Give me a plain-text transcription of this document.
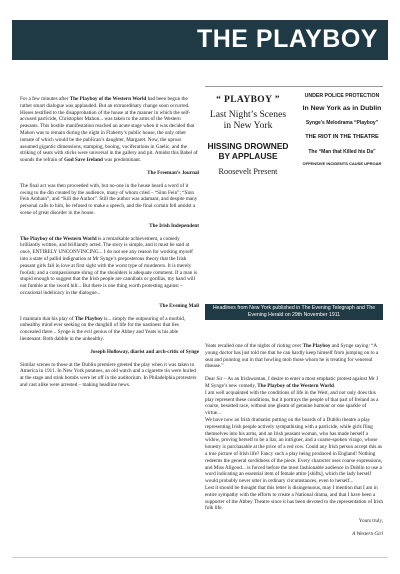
THE PLAYBOY

For a few minutes after The Playboy of the Western World had been begun the rather smart dialogue was applauded. But an extraordinary change soon occurred. Hisses testified to the disapprobation of the house at the manner in which the self-accused parricide, Christopher Mahon... was taken to the arms of the Western peasants. This hostile manifestation reached an acute stage when it was decided that Mahon was to remain during the night in Flaherty’s public house, the only other inmate of which would be the publican’s daughter, Margaret. Now, the uproar assumed gigantic dimensions, stamping, booing, vociferations in Gaelic, and the striking of seats with sticks were universal in the gallery and pit. Amidst this Babel of sounds the refrain of God Save Ireland was predominant.

The Freeman’s Journal

The final act was then proceeded with, but no-one in the house heard a word of it owing to the din created by the audience, many of whom cried – “Sinn Fein”; “Sinn Fein Amhain”; and “Kill the Author”. Still the author was adamant, and despite many personal calls to him, he refused to make a speech, and the final curtain fell amidst a scene of great disorder in the house.

The Irish Independent

The Playboy of the Western World is a remarkable achievement, a comedy brilliantly written, and brilliantly acted. The story is simple, and it must be said at once, ENTIRELY UNCONVINCING... I do not see any reason for working myself into a state of pallid indignation at Mr Synge’s preposterous theory that the Irish peasant girls fall in love at first sight with the worst type of murderers. It is merely foolish; and a compassionate shrug of the shoulders is adequate comment. If a man is stupid enough to suggest that the Irish people are cannibals or gorillas, my hand will not fumble at the sword hilt... But there is one thing worth protesting against – occasional indelicacy in the dialogue...

The Evening Mail

I maintain that his play of The Playboy is... simply the outpouring of a morbid, unhealthy mind ever seeking on the dunghill of life for the nastiness that lies concealed there... Synge is the evil genius of the Abbey and Yeats is his able lieutenant. Both dabble in the unhealthy.

Joseph Holloway, diarist and arch-critic of Synge

Similar scenes to those at the Dublin premiere greeted the play when it was taken to America in 1911. In New York potatoes, an old watch and a cigarette tin were hurled at the stage and stink bombs were let off in the auditorium. In Philadelphia protesters and cast alike were arrested – making headline news.

“ PLAYBOY ”
Last Night’s Scenes in New York
HISSING DROWNED BY APPLAUSE
Roosevelt Present
UNDER POLICE PROTECTION
In New York as in Dublin
Synge’s Melodrama “Playboy”
THE RIOT IN THE THEATRE
The “Man that Killed his Da”
OFFENSIVE INCIDENTS CAUSE UPROAR
Headlines from New York published in The Evening Telegraph and The Evening Herald on 29th November 1911

Yeats recalled one of the nights of rioting over The Playboy and Synge saying: “A young doctor has just told me that he can hardly keep himself from jumping on to a seat and pointing out in that howling mob those whom he is treating for venereal disease.”

Dear Sir – As an Irishwoman, I desire to enter a most emphatic protest against Mr J M Synge’s new comedy, The Playboy of the Western World.

I am well acquainted with the conditions of life in the West, and not only does this play represent these conditions, but it portrays the people of that part of Ireland as a coarse, besotted race, without one gleam of genuine humour or one sparkle of virtue...

We have now an Irish dramatist putting on the boards of a Dublin theatre a play representing Irish people actively sympathising with a parricide, while girls fling themselves into his arms, and an Irish peasant woman, who has made herself a widow, proving herself to be a liar, an intriguer, and a coarse-spoken virago, whose honesty is purchasable at the price of a red cow. Could any Irish person accept this as a true picture of Irish life? Fancy such a play being produced in England! Nothing redeems the general sordidness of the piece. Every character uses coarse expressions, and Miss Allgood... is forced before the most fashionable audience in Dublin to use a word indicating an essential item of female attire [shifts], which the lady herself would probably never utter in ordinary circumstances, even to herself...

Lest it should be thought that this letter is disingenuous, may I mention that I am in entire sympathy with the efforts to create a National drama, and that I have been a supporter of the Abbey Theatre since it has been devoted to the representation of Irish folk life.

Yours truly,

A Western Girl
